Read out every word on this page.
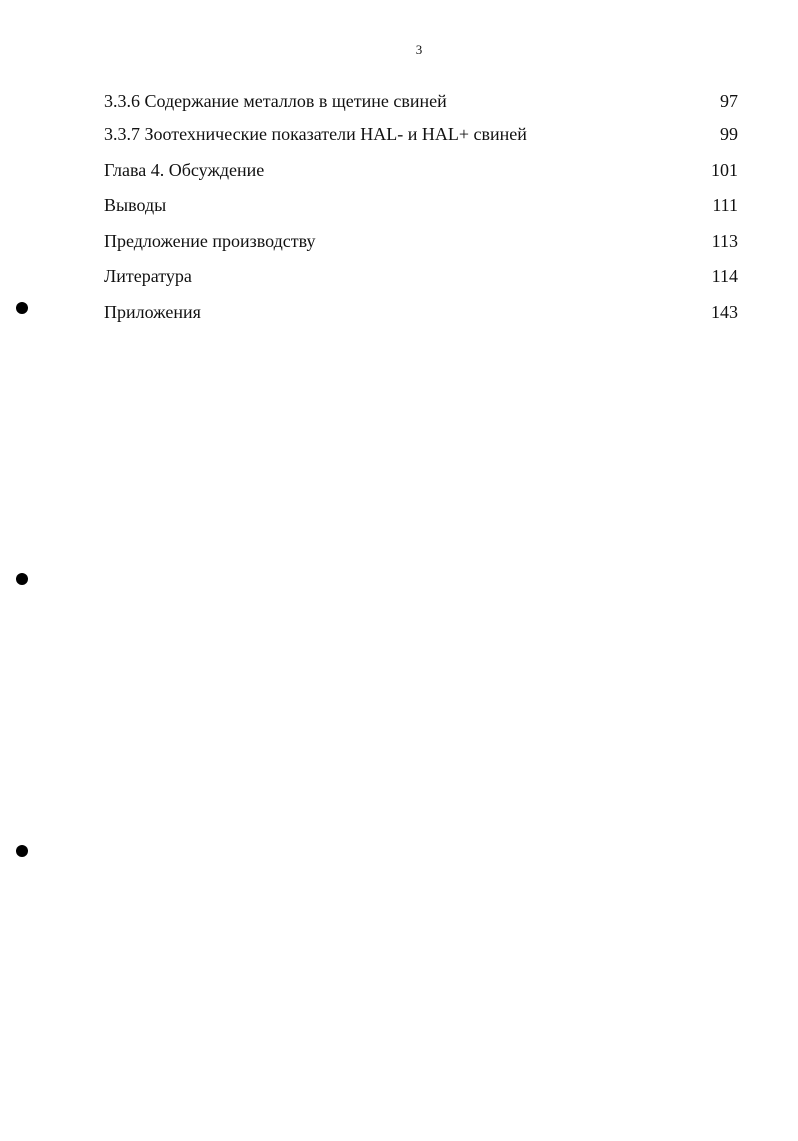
3
3.3.6 Содержание металлов в щетине свиней	97
3.3.7 Зоотехнические показатели HAL- и HAL+ свиней	99
Глава 4. Обсуждение	101
Выводы	111
Предложение производству	113
Литература	114
Приложения	143
